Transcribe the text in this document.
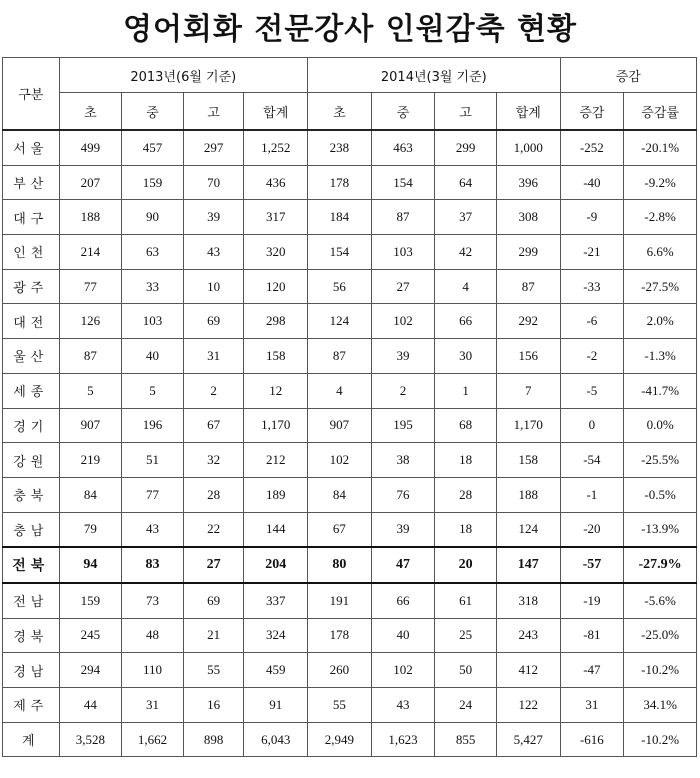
영어회화 전문강사 인원감축 현황
구분	2013년(6월 기준)				2014년(3월 기준)				증감	
	초	중	고	합계	초	중	고	합계	증감	증감률
서울	499	457	297	1,252	238	463	299	1,000	-252	-20.1%
부산	207	159	70	436	178	154	64	396	-40	-9.2%
대구	188	90	39	317	184	87	37	308	-9	-2.8%
인천	214	63	43	320	154	103	42	299	-21	6.6%
광주	77	33	10	120	56	27	4	87	-33	-27.5%
대전	126	103	69	298	124	102	66	292	-6	2.0%
울산	87	40	31	158	87	39	30	156	-2	-1.3%
세종	5	5	2	12	4	2	1	7	-5	-41.7%
경기	907	196	67	1,170	907	195	68	1,170	0	0.0%
강원	219	51	32	212	102	38	18	158	-54	-25.5%
충북	84	77	28	189	84	76	28	188	-1	-0.5%
충남	79	43	22	144	67	39	18	124	-20	-13.9%
전북	94	83	27	204	80	47	20	147	-57	-27.9%
전남	159	73	69	337	191	66	61	318	-19	-5.6%
경북	245	48	21	324	178	40	25	243	-81	-25.0%
경남	294	110	55	459	260	102	50	412	-47	-10.2%
제주	44	31	16	91	55	43	24	122	31	34.1%
계	3,528	1,662	898	6,043	2,949	1,623	855	5,427	-616	-10.2%
